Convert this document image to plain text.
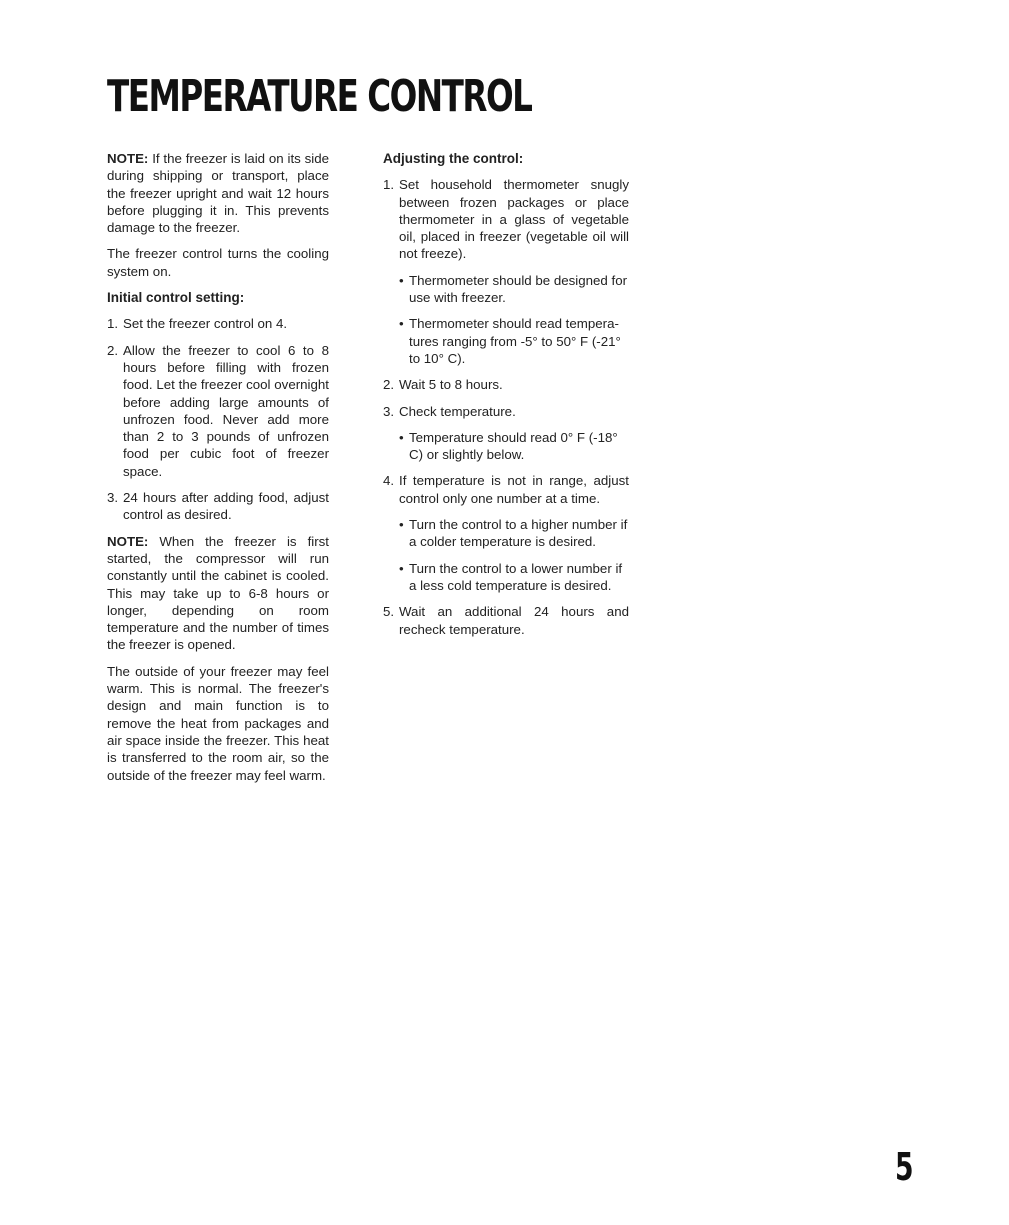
TEMPERATURE CONTROL

NOTE: If the freezer is laid on its side during shipping or transport, place the freezer upright and wait 12 hours before plugging it in. This prevents damage to the freezer.

The freezer control turns the cooling system on.

Initial control setting:
1. Set the freezer control on 4.
2. Allow the freezer to cool 6 to 8 hours before filling with frozen food. Let the freezer cool overnight before adding large amounts of unfrozen food. Never add more than 2 to 3 pounds of unfrozen food per cubic foot of freezer space.
3. 24 hours after adding food, adjust control as desired.

NOTE: When the freezer is first started, the compressor will run constantly until the cabinet is cooled. This may take up to 6-8 hours or longer, depending on room temperature and the number of times the freezer is opened.

The outside of your freezer may feel warm. This is normal. The freezer's design and main function is to remove the heat from packages and air space inside the freezer. This heat is transferred to the room air, so the outside of the freezer may feel warm.

Adjusting the control:
1. Set household thermometer snugly between frozen packages or place thermometer in a glass of vegetable oil, placed in freezer (vegetable oil will not freeze).
• Thermometer should be designed for use with freezer.
• Thermometer should read tempera-tures ranging from -5° to 50° F (-21° to 10° C).
2. Wait 5 to 8 hours.
3. Check temperature.
• Temperature should read 0° F (-18° C) or slightly below.
4. If temperature is not in range, adjust control only one number at a time.
• Turn the control to a higher number if a colder temperature is desired.
• Turn the control to a lower number if a less cold temperature is desired.
5. Wait an additional 24 hours and recheck temperature.
5
